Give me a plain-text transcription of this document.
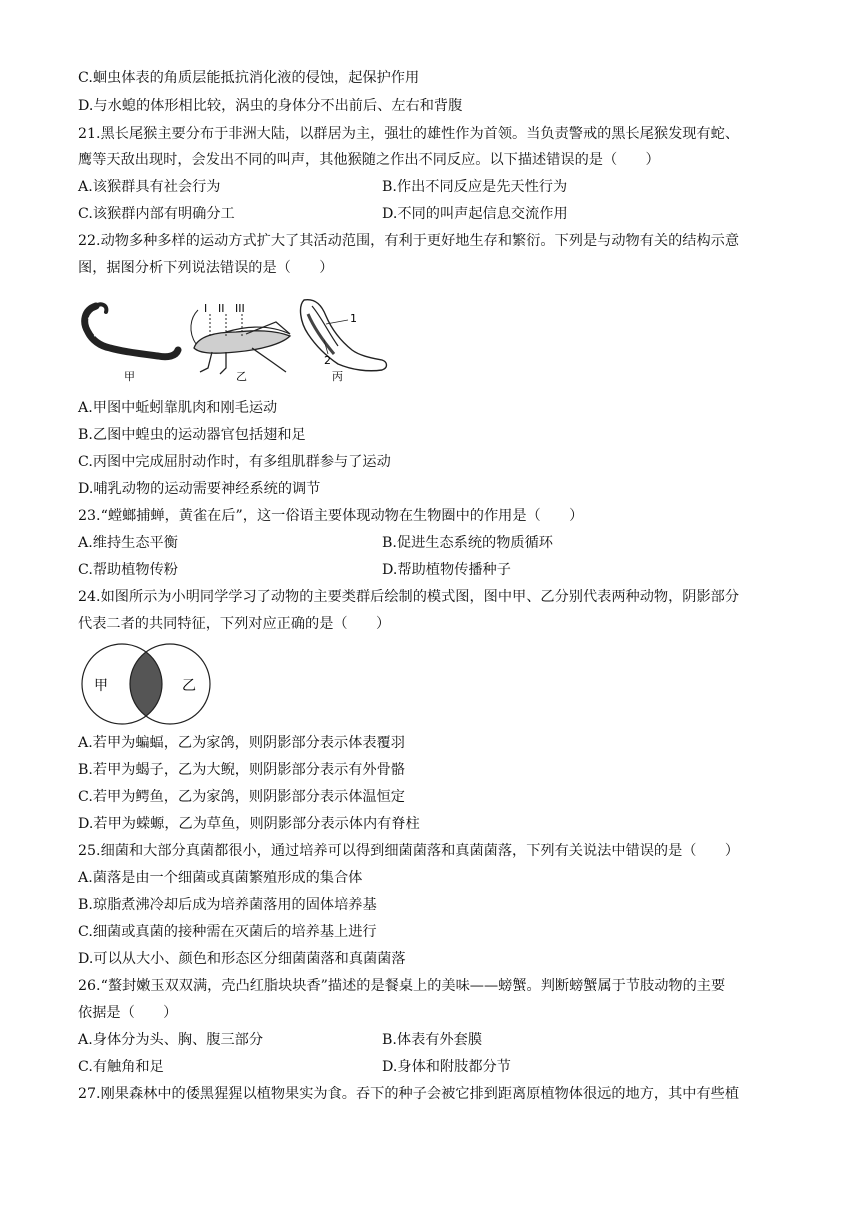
C.蛔虫体表的角质层能抵抗消化液的侵蚀，起保护作用
D.与水螅的体形相比较，涡虫的身体分不出前后、左右和背腹
21.黑长尾猴主要分布于非洲大陆，以群居为主，强壮的雄性作为首领。当负责警戒的黑长尾猴发现有蛇、
鹰等天敌出现时，会发出不同的叫声，其他猴随之作出不同反应。以下描述错误的是（　　）
A.该猴群具有社会行为	B.作出不同反应是先天性行为
C.该猴群内部有明确分工	D.不同的叫声起信息交流作用
22.动物多种多样的运动方式扩大了其活动范围，有利于更好地生存和繁衍。下列是与动物有关的结构示意
图，据图分析下列说法错误的是（　　）
甲
I II III
乙
1
2
丙
A.甲图中蚯蚓靠肌肉和刚毛运动
B.乙图中蝗虫的运动器官包括翅和足
C.丙图中完成屈肘动作时，有多组肌群参与了运动
D.哺乳动物的运动需要神经系统的调节
23.“螳螂捕蝉，黄雀在后”，这一俗语主要体现动物在生物圈中的作用是（　　）
A.维持生态平衡	B.促进生态系统的物质循环
C.帮助植物传粉	D.帮助植物传播种子
24.如图所示为小明同学学习了动物的主要类群后绘制的模式图，图中甲、乙分别代表两种动物，阴影部分
代表二者的共同特征，下列对应正确的是（　　）
甲	乙
A.若甲为蝙蝠，乙为家鸽，则阴影部分表示体表覆羽
B.若甲为蝎子，乙为大鲵，则阴影部分表示有外骨骼
C.若甲为鳄鱼，乙为家鸽，则阴影部分表示体温恒定
D.若甲为蝾螈，乙为草鱼，则阴影部分表示体内有脊柱
25.细菌和大部分真菌都很小，通过培养可以得到细菌菌落和真菌菌落，下列有关说法中错误的是（　　）
A.菌落是由一个细菌或真菌繁殖形成的集合体
B.琼脂煮沸冷却后成为培养菌落用的固体培养基
C.细菌或真菌的接种需在灭菌后的培养基上进行
D.可以从大小、颜色和形态区分细菌菌落和真菌菌落
26.“螯封嫩玉双双满，壳凸红脂块块香”描述的是餐桌上的美味——螃蟹。判断螃蟹属于节肢动物的主要
依据是（　　）
A.身体分为头、胸、腹三部分	B.体表有外套膜
C.有触角和足	D.身体和附肢都分节
27.刚果森林中的倭黑猩猩以植物果实为食。吞下的种子会被它排到距离原植物体很远的地方，其中有些植
